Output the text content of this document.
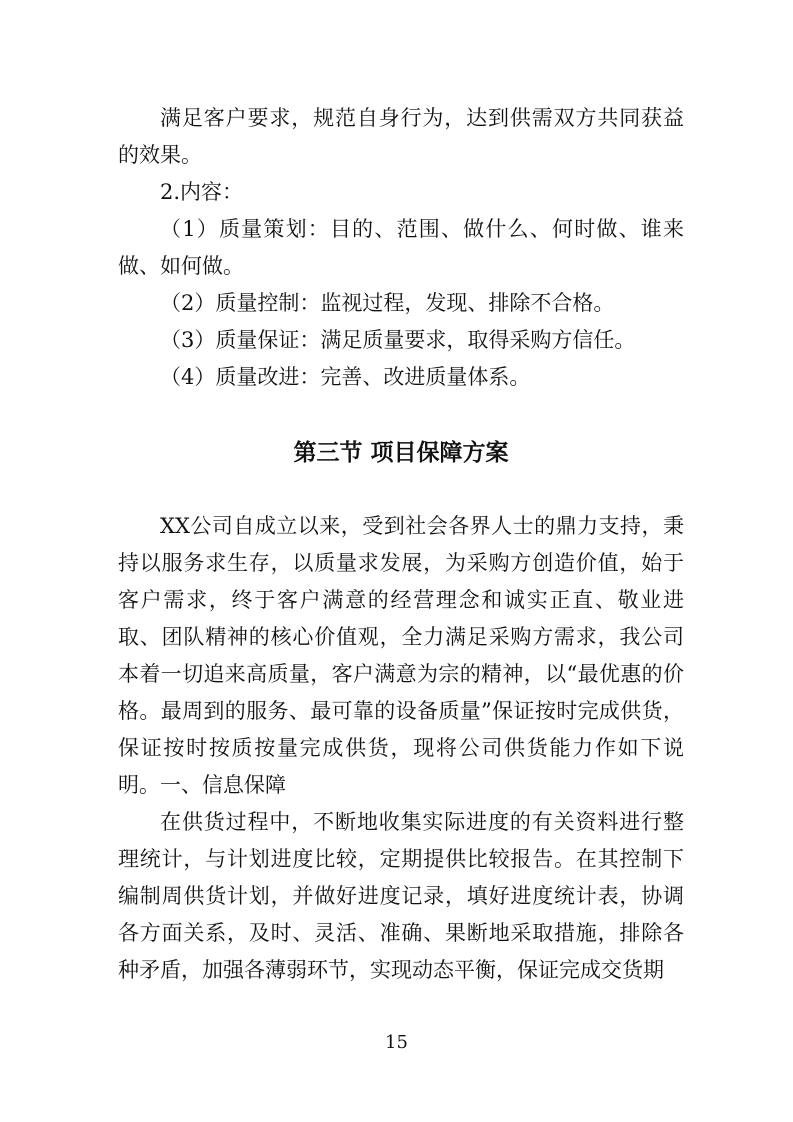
满足客户要求，规范自身行为，达到供需双方共同获益的效果。

2.内容：

（1）质量策划：目的、范围、做什么、何时做、谁来做、如何做。

（2）质量控制：监视过程，发现、排除不合格。

（3）质量保证：满足质量要求，取得采购方信任。

（4）质量改进：完善、改进质量体系。

第三节 项目保障方案

XX公司自成立以来，受到社会各界人士的鼎力支持，秉持以服务求生存，以质量求发展，为采购方创造价值，始于客户需求，终于客户满意的经营理念和诚实正直、敬业进取、团队精神的核心价值观，全力满足采购方需求，我公司本着一切追来高质量，客户满意为宗的精神，以“最优惠的价格。最周到的服务、最可靠的设备质量”保证按时完成供货，保证按时按质按量完成供货，现将公司供货能力作如下说明。 一、信息保障

在供货过程中，不断地收集实际进度的有关资料进行整理统计，与计划进度比较，定期提供比较报告。在其控制下编制周供货计划，并做好进度记录，填好进度统计表，协调各方面关系，及时、灵活、准确、果断地采取措施，排除各种矛盾，加强各薄弱环节，实现动态平衡，保证完成交货期

15
